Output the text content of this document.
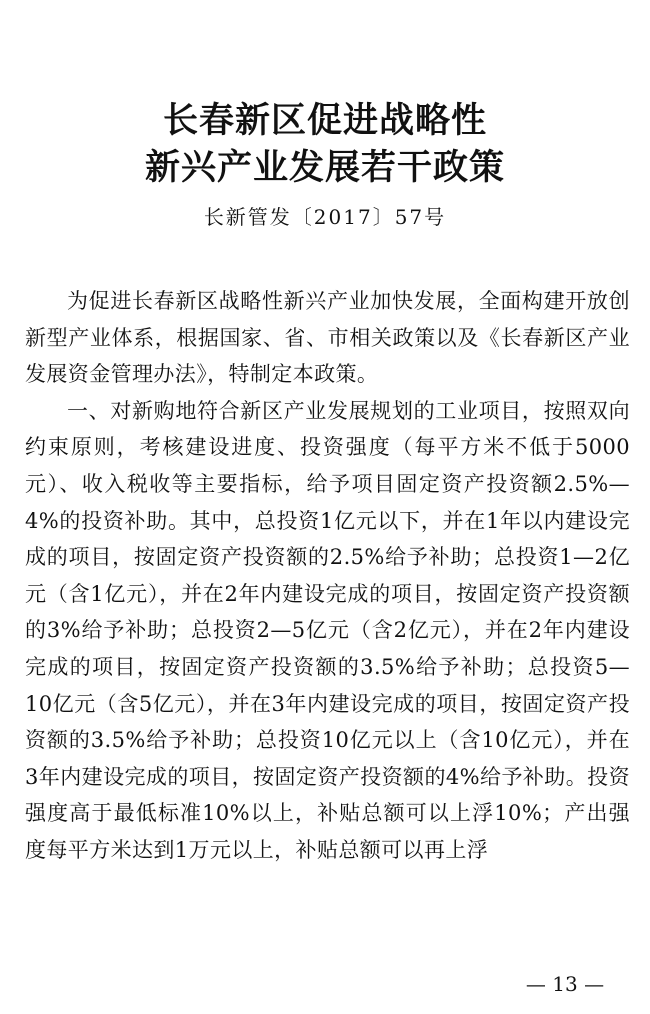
长春新区促进战略性
新兴产业发展若干政策
长新管发〔2017〕57号

为促进长春新区战略性新兴产业加快发展，全面构建开放创新型产业体系，根据国家、省、市相关政策以及《长春新区产业发展资金管理办法》，特制定本政策。

一、对新购地符合新区产业发展规划的工业项目，按照双向约束原则，考核建设进度、投资强度（每平方米不低于5000元）、收入税收等主要指标，给予项目固定资产投资额2.5%—4%的投资补助。其中，总投资1亿元以下，并在1年以内建设完成的项目，按固定资产投资额的2.5%给予补助；总投资1—2亿元（含1亿元），并在2年内建设完成的项目，按固定资产投资额的3%给予补助；总投资2—5亿元（含2亿元），并在2年内建设完成的项目，按固定资产投资额的3.5%给予补助；总投资5—10亿元（含5亿元），并在3年内建设完成的项目，按固定资产投资额的3.5%给予补助；总投资10亿元以上（含10亿元），并在3年内建设完成的项目，按固定资产投资额的4%给予补助。投资强度高于最低标准10%以上，补贴总额可以上浮10%；产出强度每平方米达到1万元以上，补贴总额可以再上浮

— 13 —
